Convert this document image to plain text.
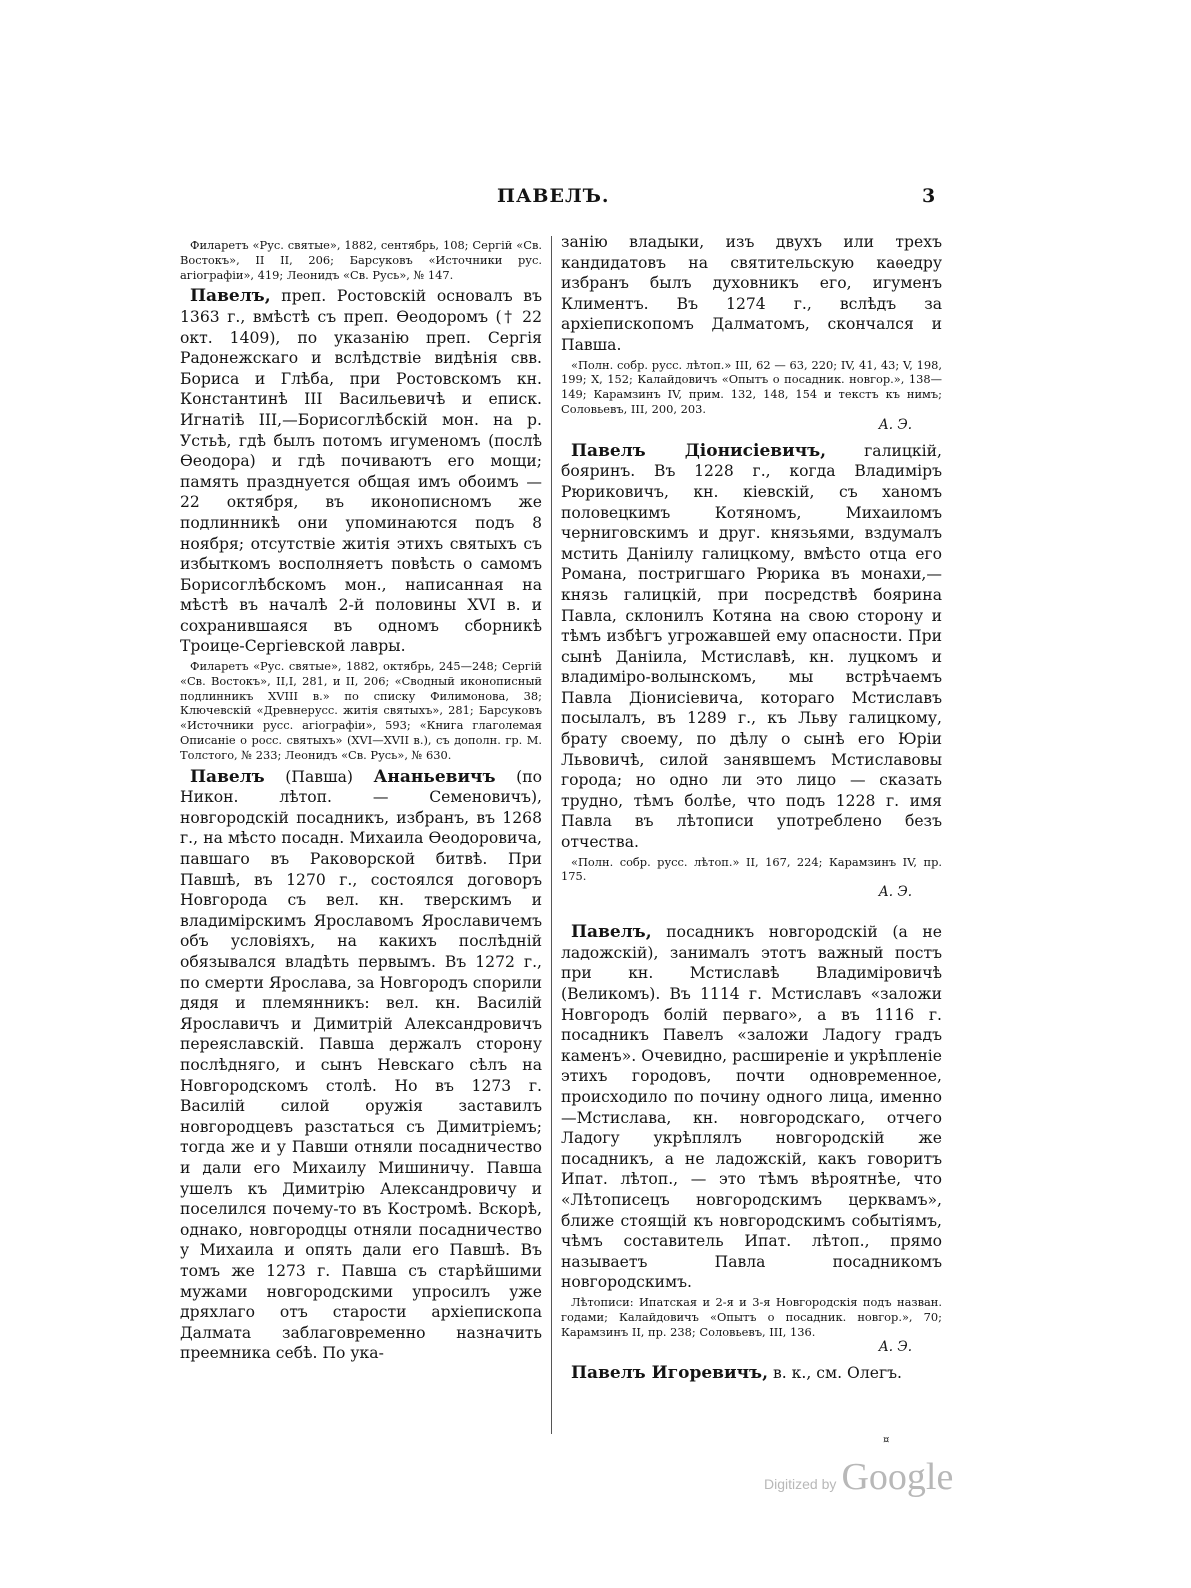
ПАВЕЛЪ.	3

Филаретъ «Рус. святые», 1882, сентябрь, 108; Сергій «Св. Востокъ», II II, 206; Барсуковъ «Источники рус. агіографіи», 419; Леонидъ «Св. Русь», № 147.

Павелъ, преп. Ростовскій основалъ въ 1363 г., вмѣстѣ съ преп. Ѳеодоромъ († 22 окт. 1409), по указанію преп. Сергія Радонежскаго и вслѣдствіе видѣнія свв. Бориса и Глѣба, при Ростовскомъ кн. Константинѣ III Васильевичѣ и еписк. Игнатіѣ III,—Борисоглѣбскій мон. на р. Устьѣ, гдѣ былъ потомъ игуменомъ (послѣ Ѳеодора) и гдѣ почиваютъ его мощи; память празднуется общая имъ обоимъ — 22 октября, въ иконописномъ же подлинникѣ они упоминаются подъ 8 ноября; отсутствіе житія этихъ святыхъ съ избыткомъ восполняетъ повѣсть о самомъ Борисоглѣбскомъ мон., написанная на мѣстѣ въ началѣ 2-й половины XVI в. и сохранившаяся въ одномъ сборникѣ Троице-Сергіевской лавры.

Филаретъ «Рус. святые», 1882, октябрь, 245—248; Сергій «Св. Востокъ», II,I, 281, и II, 206; «Сводный иконописный подлинникъ XVIII в.» по списку Филимонова, 38; Ключевскій «Древнерусс. житія святыхъ», 281; Барсуковъ «Источники русс. агіографіи», 593; «Книга глаголемая Описаніе о росс. святыхъ» (XVI—XVII в.), съ дополн. гр. М. Толстого, № 233; Леонидъ «Св. Русь», № 630.

Павелъ (Павша) Ананьевичъ (по Никон. лѣтоп. — Семеновичъ), новгородскій посадникъ, избранъ, въ 1268 г., на мѣсто посадн. Михаила Ѳеодоровича, павшаго въ Раковорской битвѣ. При Павшѣ, въ 1270 г., состоялся договоръ Новгорода съ вел. кн. тверскимъ и владимірскимъ Ярославомъ Ярославичемъ объ условіяхъ, на какихъ послѣдній обязывался владѣть первымъ. Въ 1272 г., по смерти Ярослава, за Новгородъ спорили дядя и племянникъ: вел. кн. Василій Ярославичъ и Димитрій Александровичъ переяславскій. Павша держалъ сторону послѣдняго, и сынъ Невскаго сѣлъ на Новгородскомъ столѣ. Но въ 1273 г. Василій силой оружія заставилъ новгородцевъ разстаться съ Димитріемъ; тогда же и у Павши отняли посадничество и дали его Михаилу Мишиничу. Павша ушелъ къ Димитрію Александровичу и поселился почему-то въ Костромѣ. Вскорѣ, однако, новгородцы отняли посадничество у Михаила и опять дали его Павшѣ. Въ томъ же 1273 г. Павша съ старѣйшими мужами новгородскими упросилъ уже дряхлаго отъ старости архіепископа Далмата заблаговременно назначить преемника себѣ. По ука-

занію владыки, изъ двухъ или трехъ кандидатовъ на святительскую каѳедру избранъ былъ духовникъ его, игуменъ Климентъ. Въ 1274 г., вслѣдъ за архіепископомъ Далматомъ, скончался и Павша.

«Полн. собр. русс. лѣтоп.» III, 62 — 63, 220; IV, 41, 43; V, 198, 199; X, 152; Калайдовичъ «Опытъ о посадник. новгор.», 138—149; Карамзинъ IV, прим. 132, 148, 154 и текстъ къ нимъ; Соловьевъ, III, 200, 203.

А. Э.

Павелъ Діонисіевичъ, галицкій, бояринъ. Въ 1228 г., когда Владиміръ Рюриковичъ, кн. кіевскій, съ ханомъ половецкимъ Котяномъ, Михаиломъ черниговскимъ и друг. князьями, вздумалъ мстить Даніилу галицкому, вмѣсто отца его Романа, постригшаго Рюрика въ монахи,—князь галицкій, при посредствѣ боярина Павла, склонилъ Котяна на свою сторону и тѣмъ избѣгъ угрожавшей ему опасности. При сынѣ Даніила, Мстиславѣ, кн. луцкомъ и владиміро-волынскомъ, мы встрѣчаемъ Павла Діонисіевича, котораго Мстиславъ посылалъ, въ 1289 г., къ Льву галицкому, брату своему, по дѣлу о сынѣ его Юріи Львовичѣ, силой занявшемъ Мстиславовы города; но одно ли это лицо — сказать трудно, тѣмъ болѣе, что подъ 1228 г. имя Павла въ лѣтописи употреблено безъ отчества.

«Полн. собр. русс. лѣтоп.» II, 167, 224; Карамзинъ IV, пр. 175.

А. Э.

Павелъ, посадникъ новгородскій (а не ладожскій), занималъ этотъ важный постъ при кн. Мстиславѣ Владиміровичѣ (Великомъ). Въ 1114 г. Мстиславъ «заложи Новгородъ болій перваго», а въ 1116 г. посадникъ Павелъ «заложи Ладогу градъ каменъ». Очевидно, расширеніе и укрѣпленіе этихъ городовъ, почти одновременное, происходило по почину одного лица, именно—Мстислава, кн. новгородскаго, отчего Ладогу укрѣплялъ новгородскій же посадникъ, а не ладожскій, какъ говоритъ Ипат. лѣтоп., — это тѣмъ вѣроятнѣе, что «Лѣтописецъ новгородскимъ церквамъ», ближе стоящій къ новгородскимъ событіямъ, чѣмъ составитель Ипат. лѣтоп., прямо называетъ Павла посадникомъ новгородскимъ.

Лѣтописи: Ипатская и 2-я и 3-я Новгородскія подъ назван. годами; Калайдовичъ «Опытъ о посадник. новгор.», 70; Карамзинъ II, пр. 238; Соловьевъ, III, 136.

А. Э.

Павелъ Игоревичъ, в. к., см. Олегъ.

¤
Digitized by Google
